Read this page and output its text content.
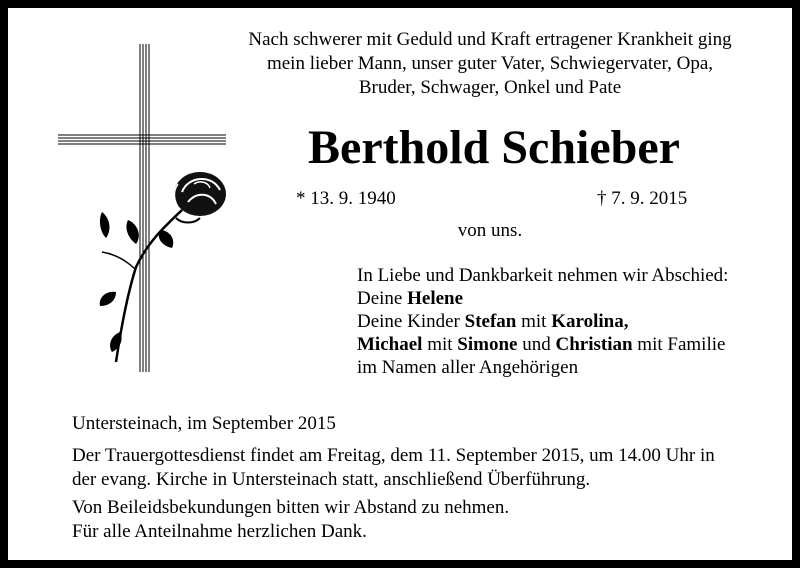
Nach schwerer mit Geduld und Kraft ertragener Krankheit ging
mein lieber Mann, unser guter Vater, Schwiegervater, Opa,
Bruder, Schwager, Onkel und Pate
Berthold Schieber
* 13. 9. 1940	† 7. 9. 2015
von uns.
In Liebe und Dankbarkeit nehmen wir Abschied:
Deine Helene
Deine Kinder Stefan mit Karolina,
Michael mit Simone und Christian mit Familie
im Namen aller Angehörigen
Untersteinach, im September 2015
Der Trauergottesdienst findet am Freitag, dem 11. September 2015, um 14.00 Uhr in
der evang. Kirche in Untersteinach statt, anschließend Überführung.
Von Beileidsbekundungen bitten wir Abstand zu nehmen.
Für alle Anteilnahme herzlichen Dank.
